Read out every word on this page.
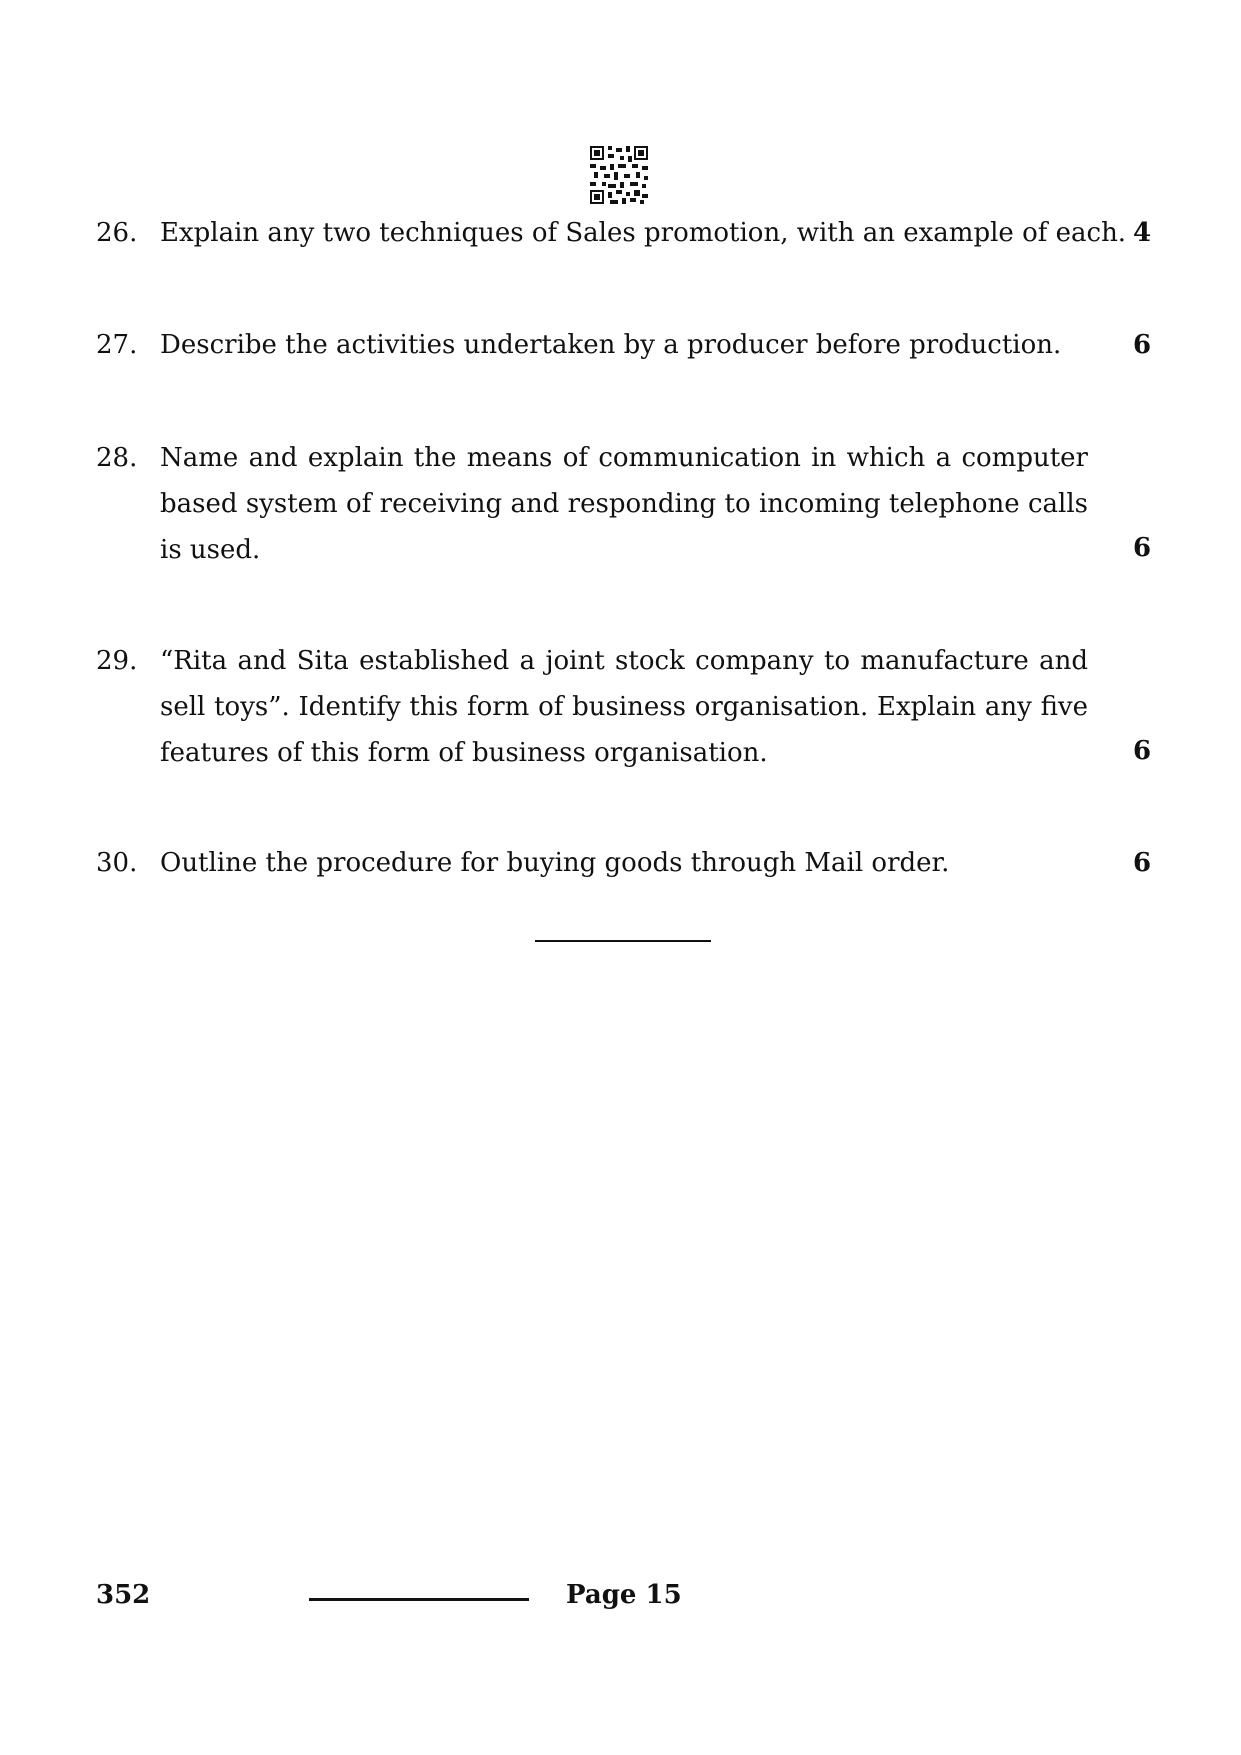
26. Explain any two techniques of Sales promotion, with an example of each. 4
27. Describe the activities undertaken by a producer before production.	6
28. Name and explain the means of communication in which a computer based system of receiving and responding to incoming telephone calls is used.	6
29. “Rita and Sita established a joint stock company to manufacture and sell toys”. Identify this form of business organisation. Explain any five features of this form of business organisation.	6
30. Outline the procedure for buying goods through Mail order.	6
352	Page 15
